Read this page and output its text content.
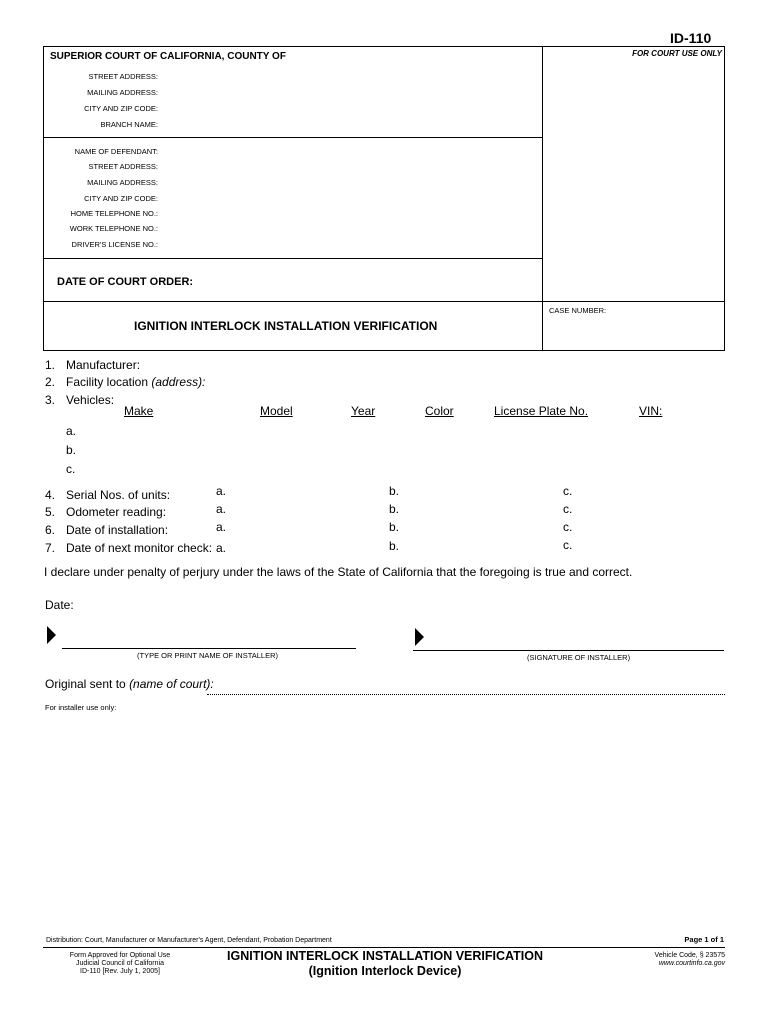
ID-110
SUPERIOR COURT OF CALIFORNIA, COUNTY OF	FOR COURT USE ONLY
STREET ADDRESS:
MAILING ADDRESS:
CITY AND ZIP CODE:
BRANCH NAME:
NAME OF DEFENDANT:
STREET ADDRESS:
MAILING ADDRESS:
CITY AND ZIP CODE:
HOME TELEPHONE NO.:
WORK TELEPHONE NO.:
DRIVER'S LICENSE NO.:
DATE OF COURT ORDER:
CASE NUMBER:
IGNITION INTERLOCK INSTALLATION VERIFICATION
1. Manufacturer:
2. Facility location (address):
3. Vehicles:
Make	Model	Year	Color	License Plate No.	VIN:
a.
b.
c.
4. Serial Nos. of units:	a.	b.	c.
5. Odometer reading:	a.	b.	c.
6. Date of installation:	a.	b.	c.
7. Date of next monitor check: a.	b.	c.
I declare under penalty of perjury under the laws of the State of California that the foregoing is true and correct.
Date:
(TYPE OR PRINT NAME OF INSTALLER)	(SIGNATURE OF INSTALLER)
Original sent to (name of court):
For installer use only:
Distribution: Court, Manufacturer or Manufacturer's Agent, Defendant, Probation Department	Page 1 of 1
Form Approved for Optional Use
Judicial Council of California
ID-110 [Rev. July 1, 2005]
IGNITION INTERLOCK INSTALLATION VERIFICATION
(Ignition Interlock Device)
Vehicle Code, § 23575
www.courtinfo.ca.gov
